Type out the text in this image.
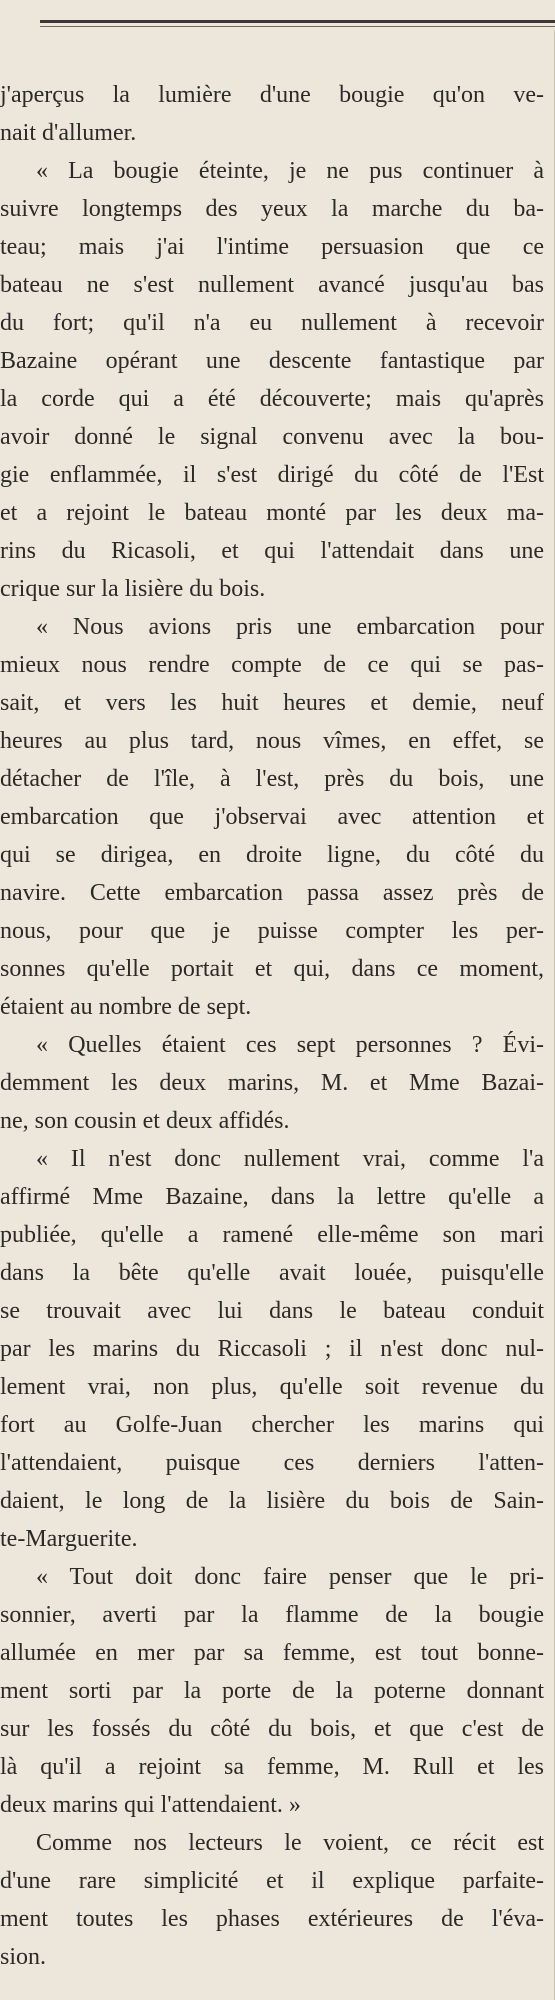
j'aperçus la lumière d'une bougie qu'on ve-
nait d'allumer.
« La bougie éteinte, je ne pus continuer à
suivre longtemps des yeux la marche du ba-
teau; mais j'ai l'intime persuasion que ce
bateau ne s'est nullement avancé jusqu'au bas
du fort; qu'il n'a eu nullement à recevoir
Bazaine opérant une descente fantastique par
la corde qui a été découverte; mais qu'après
avoir donné le signal convenu avec la bou-
gie enflammée, il s'est dirigé du côté de l'Est
et a rejoint le bateau monté par les deux ma-
rins du Ricasoli, et qui l'attendait dans une
crique sur la lisière du bois.
« Nous avions pris une embarcation pour
mieux nous rendre compte de ce qui se pas-
sait, et vers les huit heures et demie, neuf
heures au plus tard, nous vîmes, en effet, se
détacher de l'île, à l'est, près du bois, une
embarcation que j'observai avec attention et
qui se dirigea, en droite ligne, du côté du
navire. Cette embarcation passa assez près de
nous, pour que je puisse compter les per-
sonnes qu'elle portait et qui, dans ce moment,
étaient au nombre de sept.
« Quelles étaient ces sept personnes ? Évi-
demment les deux marins, M. et Mme Bazai-
ne, son cousin et deux affidés.
« Il n'est donc nullement vrai, comme l'a
affirmé Mme Bazaine, dans la lettre qu'elle a
publiée, qu'elle a ramené elle-même son mari
dans la bête qu'elle avait louée, puisqu'elle
se trouvait avec lui dans le bateau conduit
par les marins du Riccasoli ; il n'est donc nul-
lement vrai, non plus, qu'elle soit revenue du
fort au Golfe-Juan chercher les marins qui
l'attendaient, puisque ces derniers l'atten-
daient, le long de la lisière du bois de Sain-
te-Marguerite.
« Tout doit donc faire penser que le pri-
sonnier, averti par la flamme de la bougie
allumée en mer par sa femme, est tout bonne-
ment sorti par la porte de la poterne donnant
sur les fossés du côté du bois, et que c'est de
là qu'il a rejoint sa femme, M. Rull et les
deux marins qui l'attendaient. »
Comme nos lecteurs le voient, ce récit est
d'une rare simplicité et il explique parfaite-
ment toutes les phases extérieures de l'éva-
sion.
